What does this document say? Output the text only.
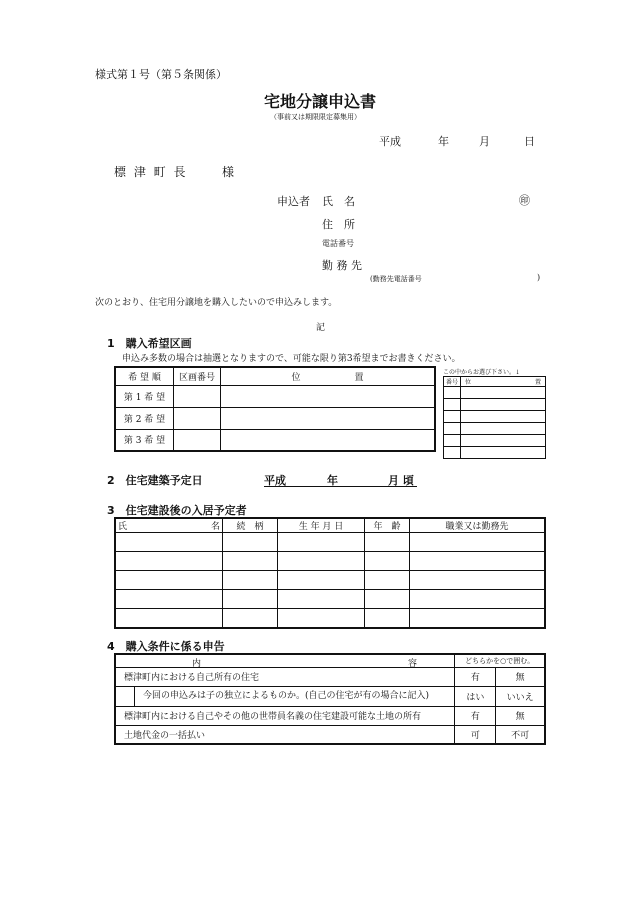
様式第１号（第５条関係）
宅地分譲申込書
（事前又は期限限定募集用）
平成	年	月	日
標 津 町 長	様
申込者 氏　名	㊞
住　所
電話番号
勤 務 先
(勤務先電話番号	)
次のとおり、住宅用分譲地を購入したいので申込みします。
記
1　購入希望区画
申込み多数の場合は抽選となりますので、可能な限り第3希望までお書きください。
希 望 順	区画番号	位　　　　　　置
第 1 希 望		
第 2 希 望		
第 3 希 望		
この中からお選び下さい。↓
番号	位 置

2　住宅建築予定日	平成	年	月 頃
3　住宅建設後の入居予定者
氏 名	続　柄	生 年 月 日	年　齢	職業又は勤務先

4　購入条件に係る申告
内 容	どちらかを○で囲む。	
標津町内における自己所有の住宅	有	無

今回の申込みは子の独立によるものか。(自己の住宅が有の場合に記入)	はい	いいえ
標津町内における自己やその他の世帯員名義の住宅建設可能な土地の所有	有	無
土地代金の一括払い	可	不可
